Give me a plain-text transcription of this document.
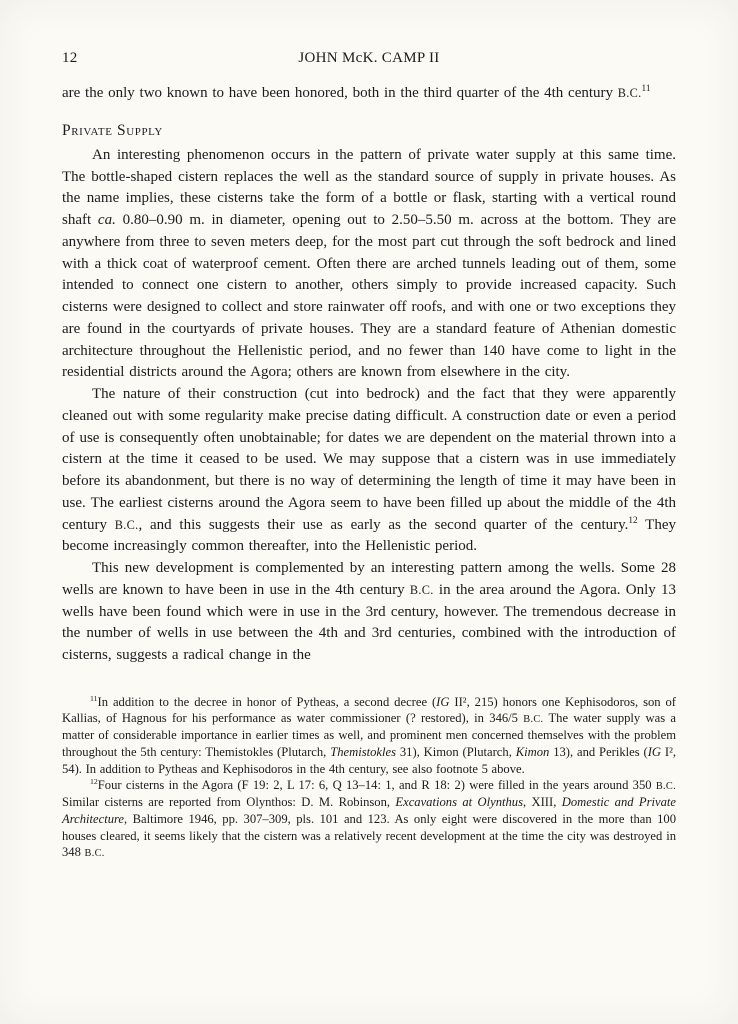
12	JOHN McK. CAMP II

are the only two known to have been honored, both in the third quarter of the 4th century B.C.$^{11}$

Private Supply

An interesting phenomenon occurs in the pattern of private water supply at this same time. The bottle-shaped cistern replaces the well as the standard source of supply in private houses. As the name implies, these cisterns take the form of a bottle or flask, starting with a vertical round shaft ca. 0.80–0.90 m. in diameter, opening out to 2.50–5.50 m. across at the bottom. They are anywhere from three to seven meters deep, for the most part cut through the soft bedrock and lined with a thick coat of waterproof cement. Often there are arched tunnels leading out of them, some intended to connect one cistern to another, others simply to provide increased capacity. Such cisterns were designed to collect and store rainwater off roofs, and with one or two exceptions they are found in the courtyards of private houses. They are a standard feature of Athenian domestic architecture throughout the Hellenistic period, and no fewer than 140 have come to light in the residential districts around the Agora; others are known from elsewhere in the city.

The nature of their construction (cut into bedrock) and the fact that they were apparently cleaned out with some regularity make precise dating difficult. A construction date or even a period of use is consequently often unobtainable; for dates we are dependent on the material thrown into a cistern at the time it ceased to be used. We may suppose that a cistern was in use immediately before its abandonment, but there is no way of determining the length of time it may have been in use. The earliest cisterns around the Agora seem to have been filled up about the middle of the 4th century B.C., and this suggests their use as early as the second quarter of the century.$^{12}$ They become increasingly common thereafter, into the Hellenistic period.

This new development is complemented by an interesting pattern among the wells. Some 28 wells are known to have been in use in the 4th century B.C. in the area around the Agora. Only 13 wells have been found which were in use in the 3rd century, however. The tremendous decrease in the number of wells in use between the 4th and 3rd centuries, combined with the introduction of cisterns, suggests a radical change in the

$^{11}$In addition to the decree in honor of Pytheas, a second decree (IG II², 215) honors one Kephisodoros, son of Kallias, of Hagnous for his performance as water commissioner (? restored), in 346/5 B.C. The water supply was a matter of considerable importance in earlier times as well, and prominent men concerned themselves with the problem throughout the 5th century: Themistokles (Plutarch, Themistokles 31), Kimon (Plutarch, Kimon 13), and Perikles (IG I², 54). In addition to Pytheas and Kephisodoros in the 4th century, see also footnote 5 above.

$^{12}$Four cisterns in the Agora (F 19: 2, L 17: 6, Q 13–14: 1, and R 18: 2) were filled in the years around 350 B.C. Similar cisterns are reported from Olynthos: D. M. Robinson, Excavations at Olynthus, XIII, Domestic and Private Architecture, Baltimore 1946, pp. 307–309, pls. 101 and 123. As only eight were discovered in the more than 100 houses cleared, it seems likely that the cistern was a relatively recent development at the time the city was destroyed in 348 B.C.
